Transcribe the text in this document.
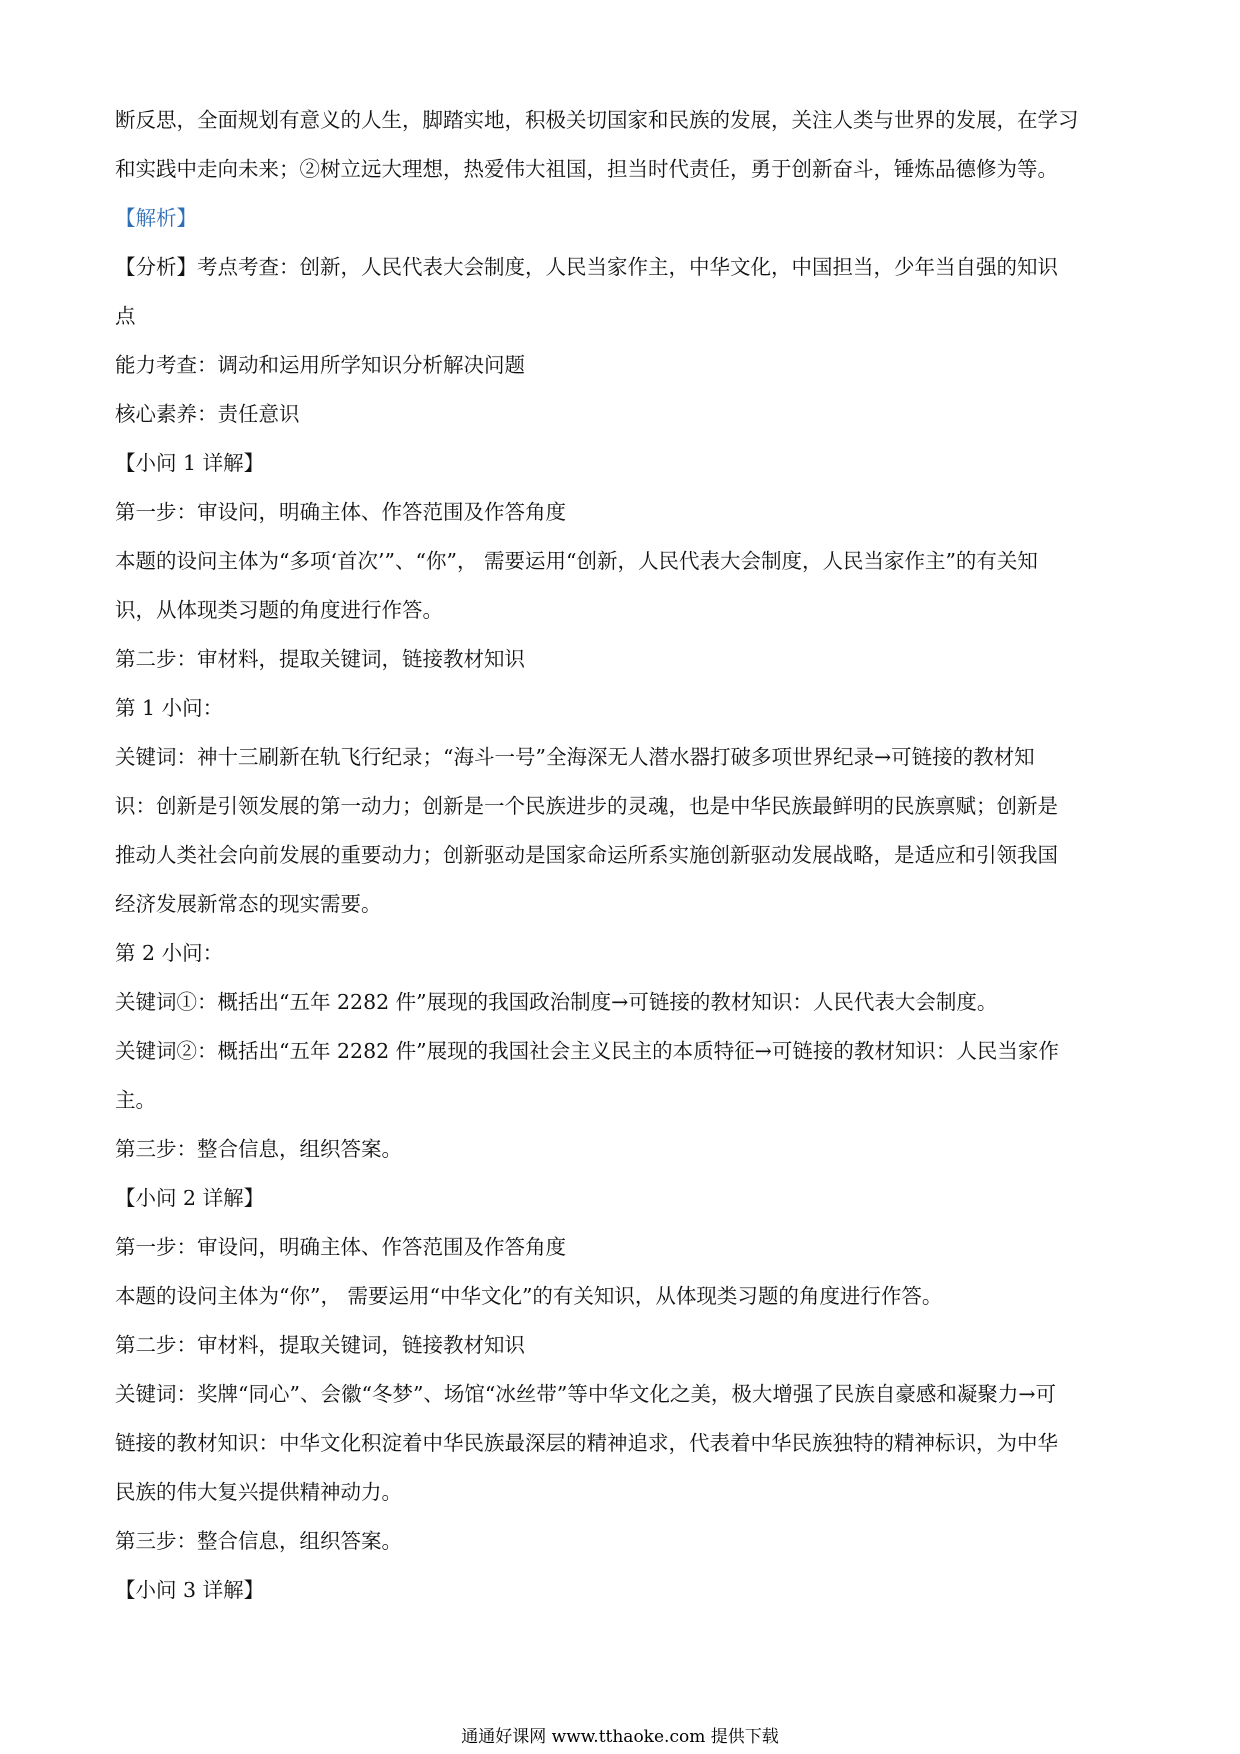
断反思，全面规划有意义的人生，脚踏实地，积极关切国家和民族的发展，关注人类与世界的发展，在学习
和实践中走向未来；②树立远大理想，热爱伟大祖国，担当时代责任，勇于创新奋斗，锤炼品德修为等。
【解析】
【分析】考点考查：创新，人民代表大会制度，人民当家作主，中华文化，中国担当，少年当自强的知识
点
能力考查：调动和运用所学知识分析解决问题
核心素养：责任意识
【小问 1 详解】
第一步：审设问，明确主体、作答范围及作答角度
本题的设问主体为“多项‘首次’”、“你”， 需要运用“创新，人民代表大会制度，人民当家作主”的有关知
识，从体现类习题的角度进行作答。
第二步：审材料，提取关键词，链接教材知识
第 1 小问：
关键词：神十三刷新在轨飞行纪录；“海斗一号”全海深无人潜水器打破多项世界纪录→可链接的教材知
识：创新是引领发展的第一动力；创新是一个民族进步的灵魂，也是中华民族最鲜明的民族禀赋；创新是
推动人类社会向前发展的重要动力；创新驱动是国家命运所系实施创新驱动发展战略，是适应和引领我国
经济发展新常态的现实需要。
第 2 小问：
关键词①：概括出“五年 2282 件”展现的我国政治制度→可链接的教材知识：人民代表大会制度。
关键词②：概括出“五年 2282 件”展现的我国社会主义民主的本质特征→可链接的教材知识：人民当家作
主。
第三步：整合信息，组织答案。
【小问 2 详解】
第一步：审设问，明确主体、作答范围及作答角度
本题的设问主体为“你”， 需要运用“中华文化”的有关知识，从体现类习题的角度进行作答。
第二步：审材料，提取关键词，链接教材知识
关键词：奖牌“同心”、会徽“冬梦”、场馆“冰丝带”等中华文化之美，极大增强了民族自豪感和凝聚力→可
链接的教材知识：中华文化积淀着中华民族最深层的精神追求，代表着中华民族独特的精神标识，为中华
民族的伟大复兴提供精神动力。
第三步：整合信息，组织答案。
【小问 3 详解】
通通好课网 www.tthaoke.com 提供下载
